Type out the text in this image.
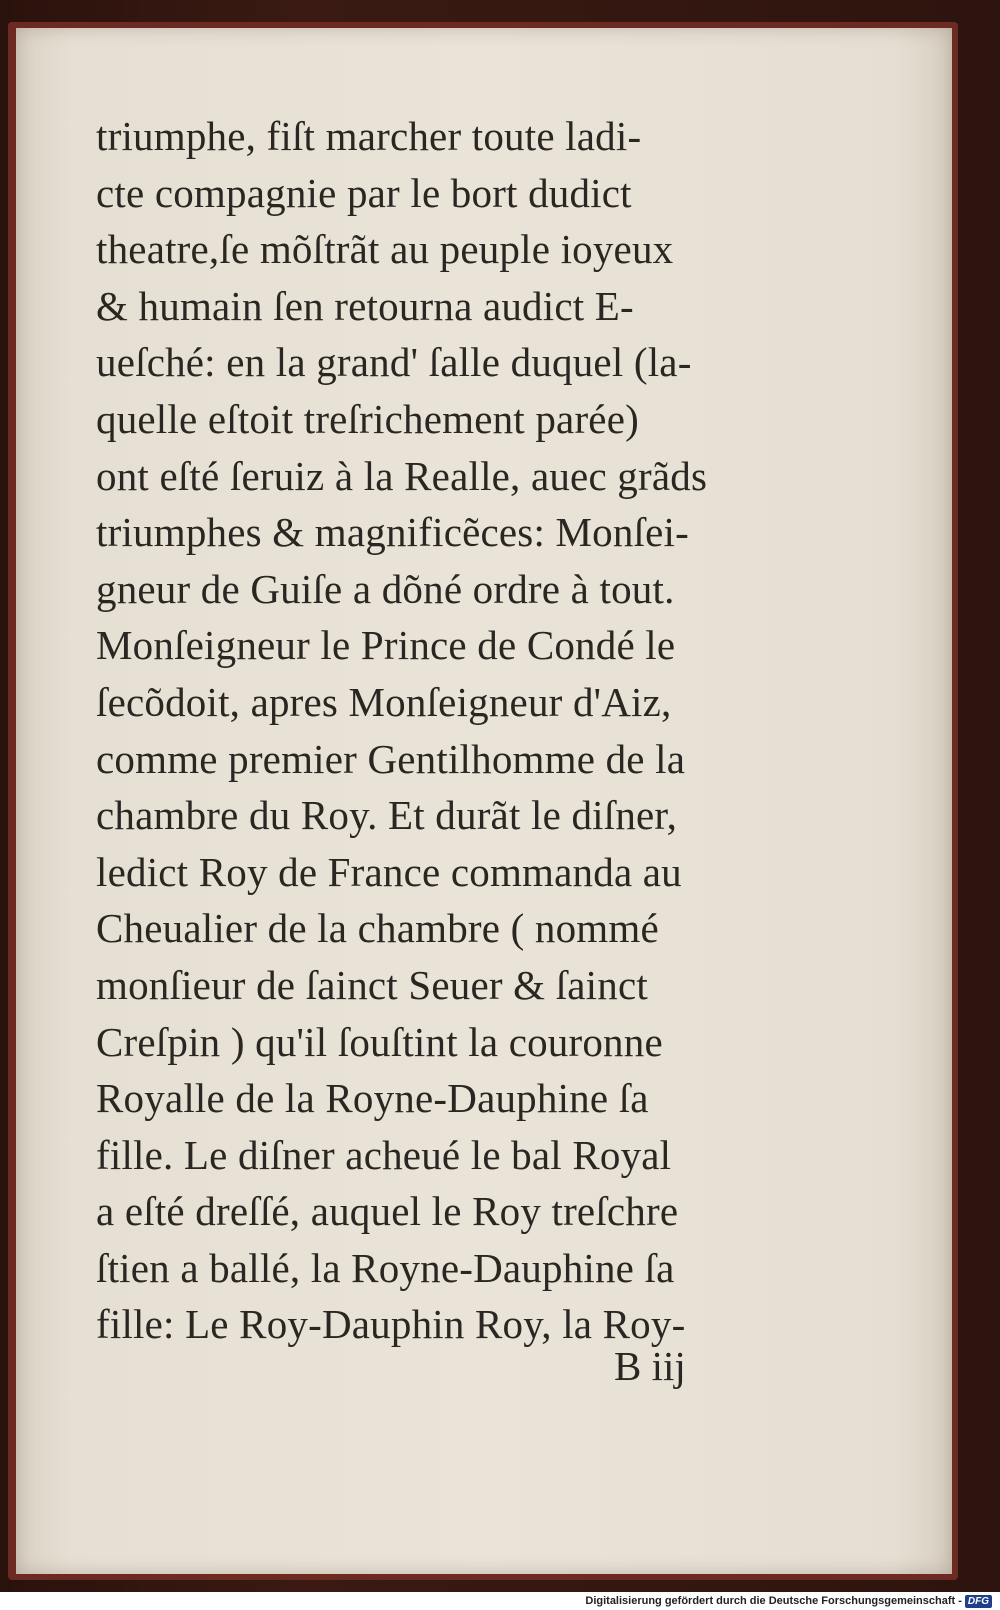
triumphe, fiſt marcher toute ladi-
cte compagnie par le bort dudict
theatre,ſe mõſtrãt au peuple ioyeux
& humain ſen retourna audict E-
ueſché: en la grand' ſalle duquel (la-
quelle eſtoit treſrichement parée)
ont eſté ſeruiz à la Realle, auec grãds
triumphes & magnificẽces: Monſei-
gneur de Guiſe a dõné ordre à tout.
Monſeigneur le Prince de Condé le
ſecõdoit, apres Monſeigneur d'Aiz,
comme premier Gentilhomme de la
chambre du Roy. Et durãt le diſner,
ledict Roy de France commanda au
Cheualier de la chambre ( nommé
monſieur de ſainct Seuer & ſainct
Creſpin ) qu'il ſouſtint la couronne
Royalle de la Royne-Dauphine ſa
fille. Le diſner acheué le bal Royal
a eſté dreſſé, auquel le Roy treſchre
ſtien a ballé, la Royne-Dauphine ſa
fille: Le Roy-Dauphin Roy, la Roy-
B iij
Digitalisierung gefördert durch die Deutsche Forschungsgemeinschaft - DFG
